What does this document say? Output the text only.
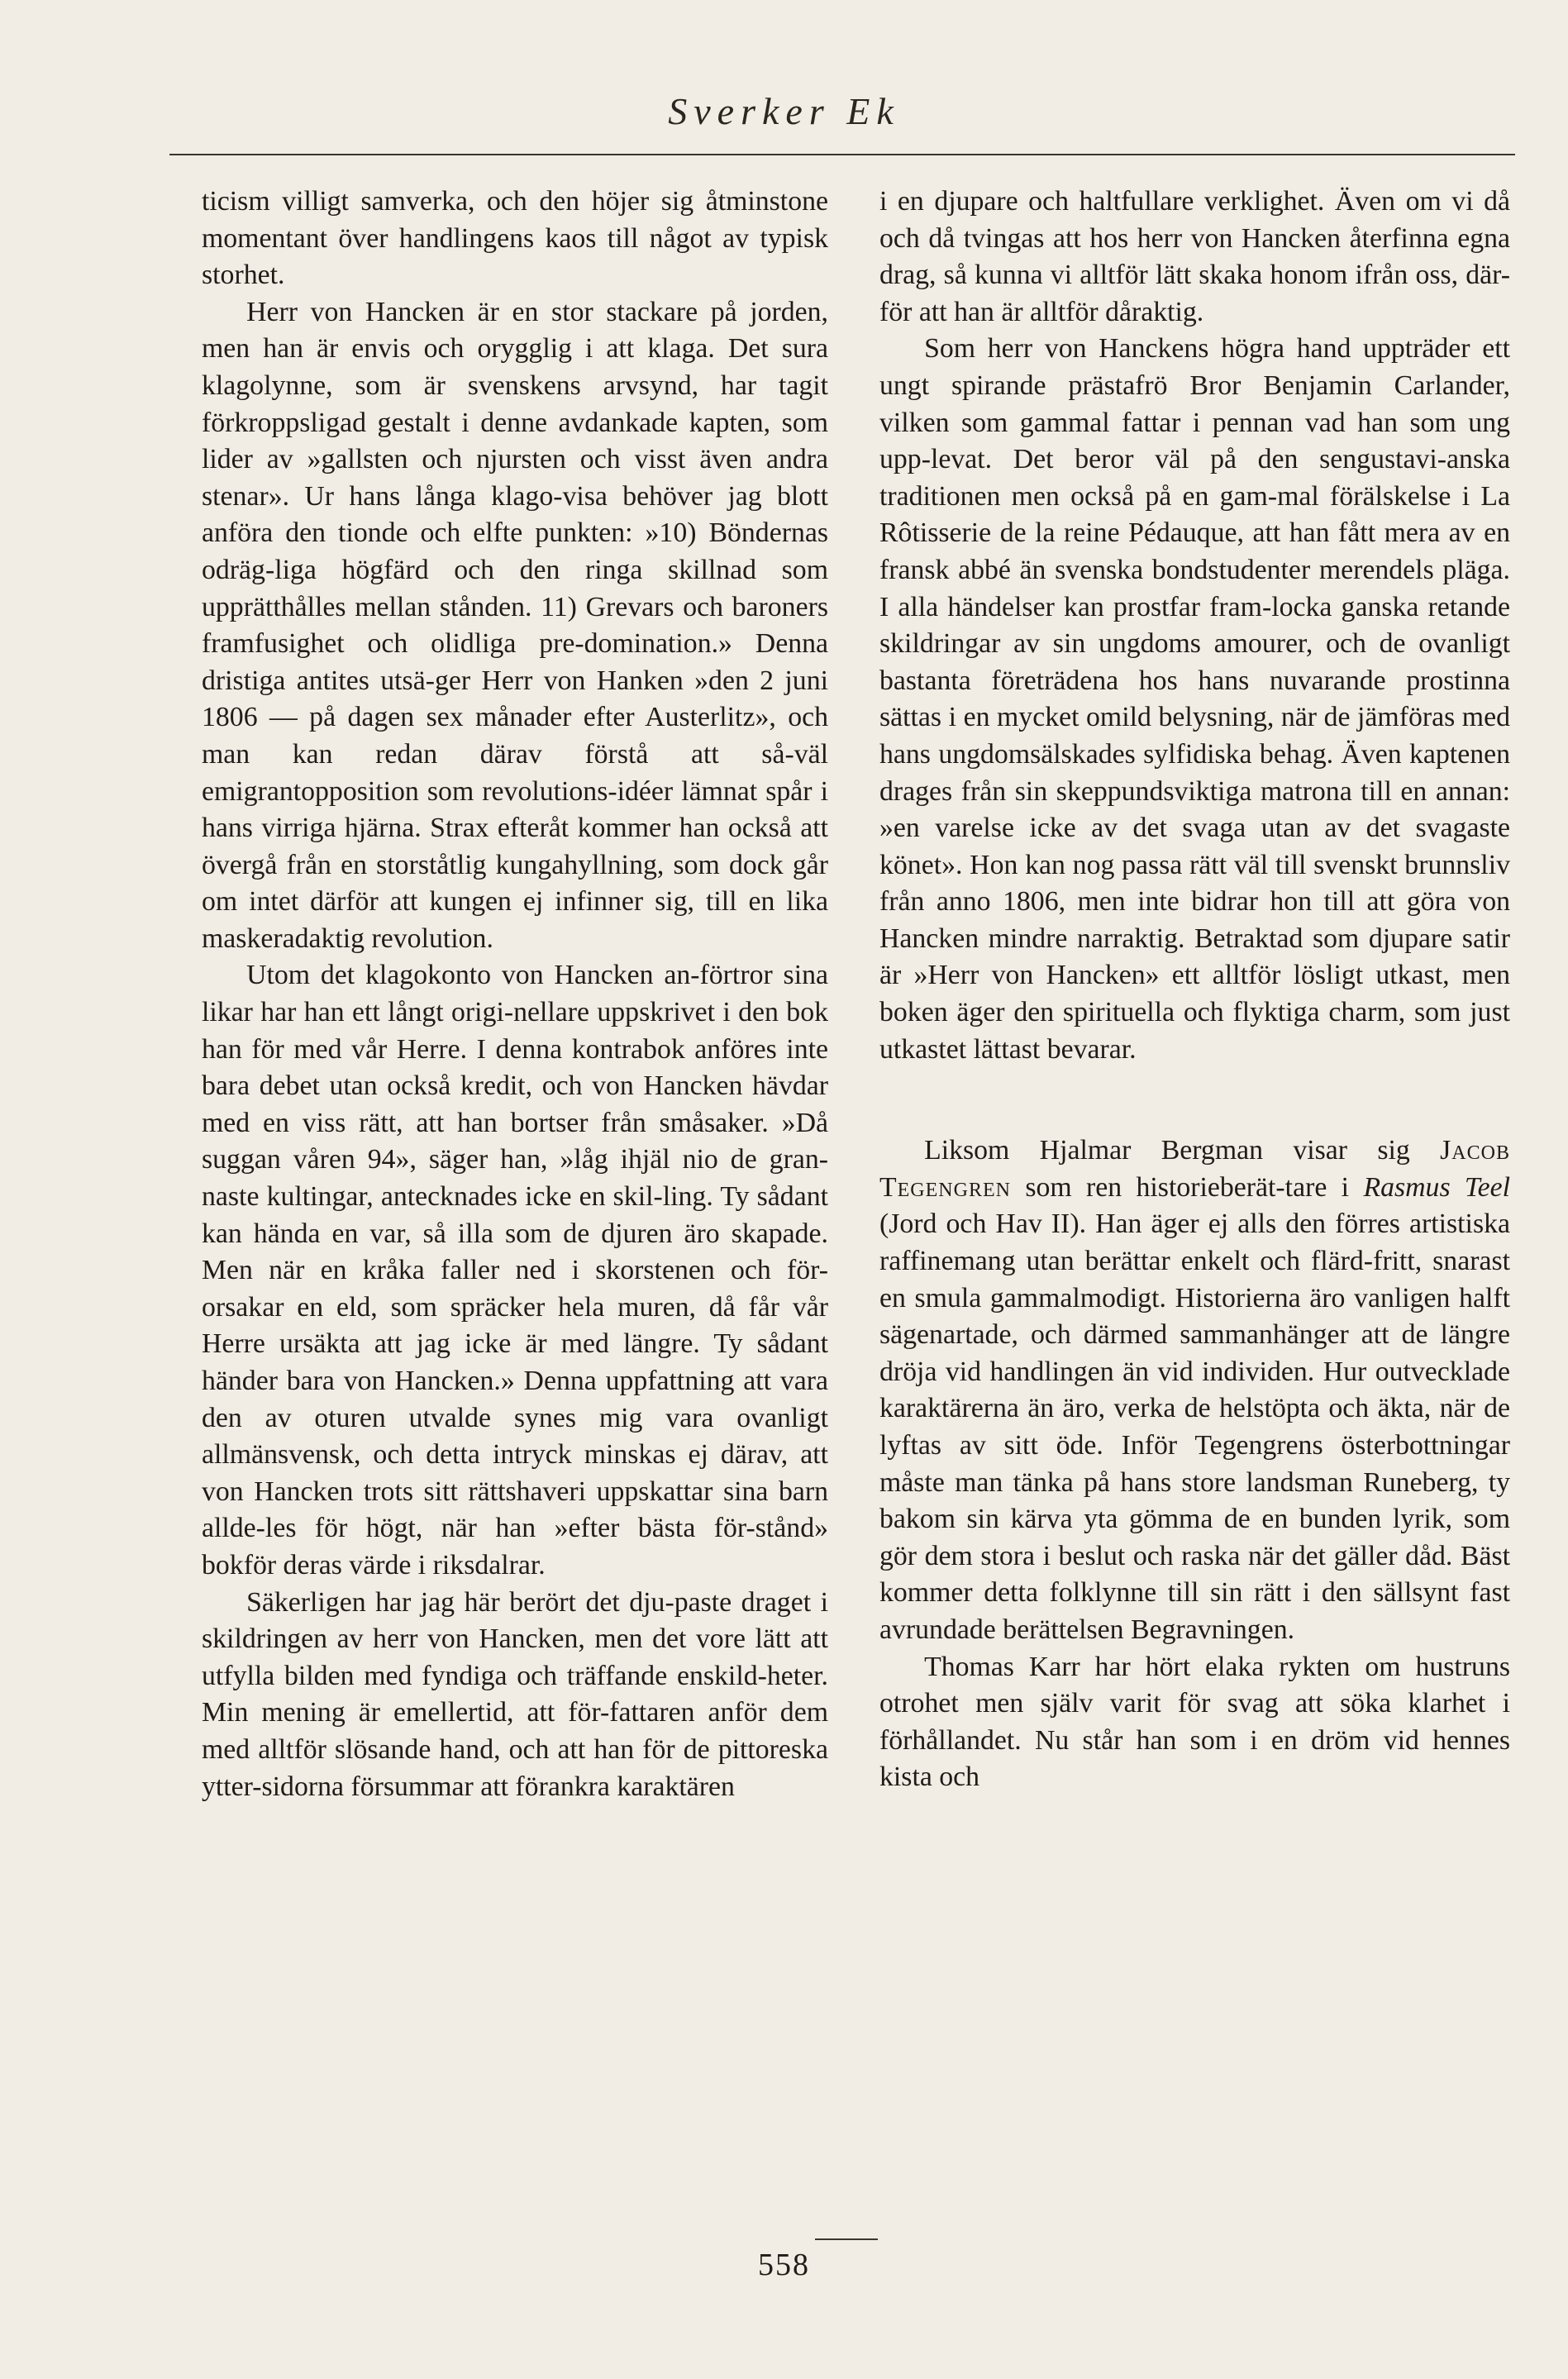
Sverker Ek

ticism villigt samverka, och den höjer sig åtminstone momentant över handlingens kaos till något av typisk storhet.

Herr von Hancken är en stor stackare på jorden, men han är envis och orygglig i att klaga. Det sura klagolynne, som är svenskens arvsynd, har tagit förkroppsligad gestalt i denne avdankade kapten, som lider av »gallsten och njursten och visst även andra stenar». Ur hans långa klago-visa behöver jag blott anföra den tionde och elfte punkten: »10) Böndernas odräg-liga högfärd och den ringa skillnad som upprätthålles mellan stånden. 11) Grevars och baroners framfusighet och olidliga pre-domination.» Denna dristiga antites utsä-ger Herr von Hanken »den 2 juni 1806 — på dagen sex månader efter Austerlitz», och man kan redan därav förstå att så-väl emigrantopposition som revolutions-idéer lämnat spår i hans virriga hjärna. Strax efteråt kommer han också att övergå från en storståtlig kungahyllning, som dock går om intet därför att kungen ej infinner sig, till en lika maskeradaktig revolution.

Utom det klagokonto von Hancken an-förtror sina likar har han ett långt origi-nellare uppskrivet i den bok han för med vår Herre. I denna kontrabok anföres inte bara debet utan också kredit, och von Hancken hävdar med en viss rätt, att han bortser från småsaker. »Då suggan våren 94», säger han, »låg ihjäl nio de gran-naste kultingar, antecknades icke en skil-ling. Ty sådant kan hända en var, så illa som de djuren äro skapade. Men när en kråka faller ned i skorstenen och för-orsakar en eld, som spräcker hela muren, då får vår Herre ursäkta att jag icke är med längre. Ty sådant händer bara von Hancken.» Denna uppfattning att vara den av oturen utvalde synes mig vara ovanligt allmänsvensk, och detta intryck minskas ej därav, att von Hancken trots sitt rättshaveri uppskattar sina barn allde-les för högt, när han »efter bästa för-stånd» bokför deras värde i riksdalrar.

Säkerligen har jag här berört det dju-paste draget i skildringen av herr von Hancken, men det vore lätt att utfylla bilden med fyndiga och träffande enskild-heter. Min mening är emellertid, att för-fattaren anför dem med alltför slösande hand, och att han för de pittoreska ytter-sidorna försummar att förankra karaktären

i en djupare och haltfullare verklighet. Även om vi då och då tvingas att hos herr von Hancken återfinna egna drag, så kunna vi alltför lätt skaka honom ifrån oss, där-för att han är alltför dåraktig.

Som herr von Hanckens högra hand uppträder ett ungt spirande prästafrö Bror Benjamin Carlander, vilken som gammal fattar i pennan vad han som ung upp-levat. Det beror väl på den sengustavi-anska traditionen men också på en gam-mal förälskelse i La Rôtisserie de la reine Pédauque, att han fått mera av en fransk abbé än svenska bondstudenter merendels pläga. I alla händelser kan prostfar fram-locka ganska retande skildringar av sin ungdoms amourer, och de ovanligt bastanta företrädena hos hans nuvarande prostinna sättas i en mycket omild belysning, när de jämföras med hans ungdomsälskades sylfidiska behag. Även kaptenen drages från sin skeppundsviktiga matrona till en annan: »en varelse icke av det svaga utan av det svagaste könet». Hon kan nog passa rätt väl till svenskt brunnsliv från anno 1806, men inte bidrar hon till att göra von Hancken mindre narraktig. Betraktad som djupare satir är »Herr von Hancken» ett alltför lösligt utkast, men boken äger den spirituella och flyktiga charm, som just utkastet lättast bevarar.

Liksom Hjalmar Bergman visar sig Jacob Tegengren som ren historieberät-tare i Rasmus Teel (Jord och Hav II). Han äger ej alls den förres artistiska raffinemang utan berättar enkelt och flärd-fritt, snarast en smula gammalmodigt. Historierna äro vanligen halft sägenartade, och därmed sammanhänger att de längre dröja vid handlingen än vid individen. Hur outvecklade karaktärerna än äro, verka de helstöpta och äkta, när de lyftas av sitt öde. Inför Tegengrens österbottningar måste man tänka på hans store landsman Runeberg, ty bakom sin kärva yta gömma de en bunden lyrik, som gör dem stora i beslut och raska när det gäller dåd. Bäst kommer detta folklynne till sin rätt i den sällsynt fast avrundade berättelsen Begravningen.

Thomas Karr har hört elaka rykten om hustruns otrohet men själv varit för svag att söka klarhet i förhållandet. Nu står han som i en dröm vid hennes kista och

558
